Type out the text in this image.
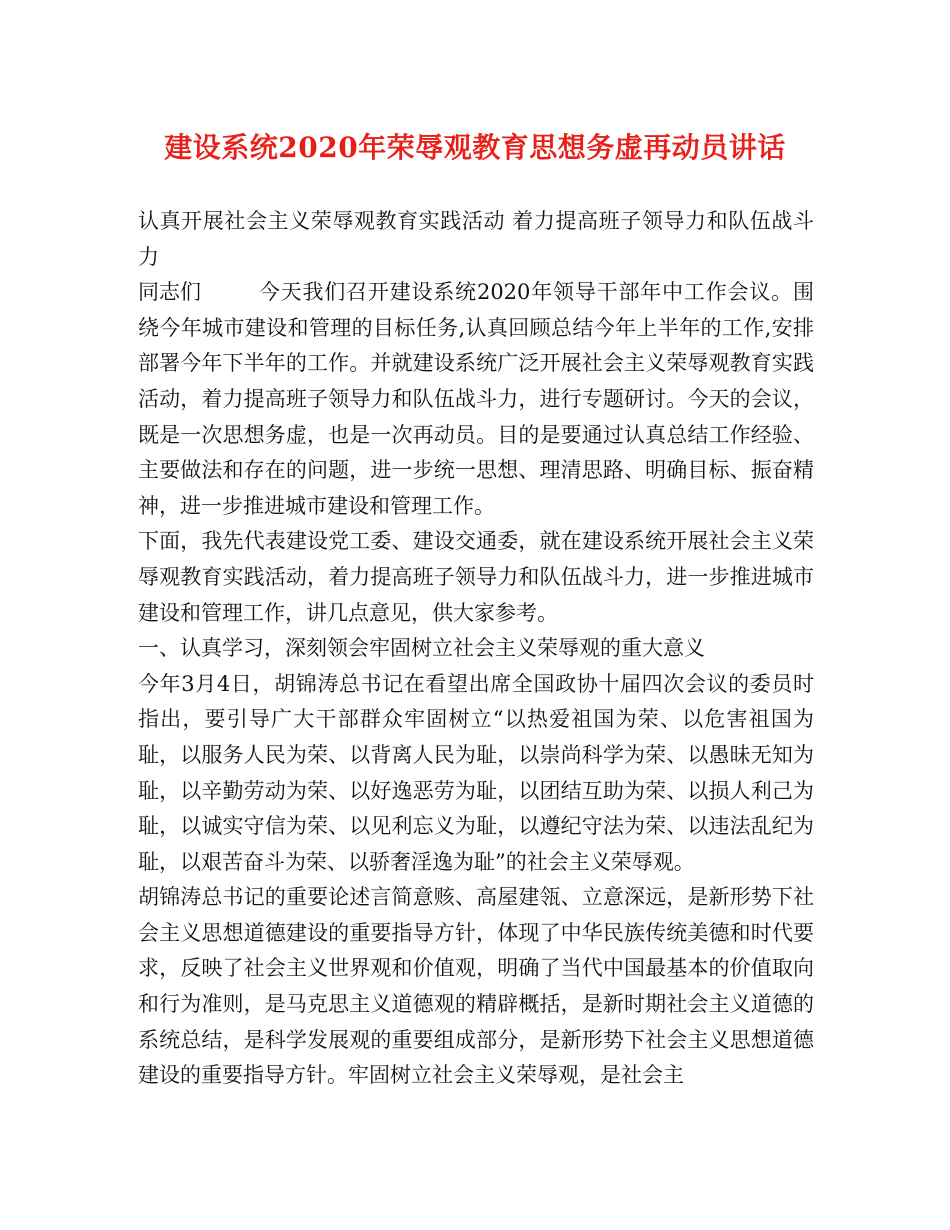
建设系统2020年荣辱观教育思想务虚再动员讲话

认真开展社会主义荣辱观教育实践活动 着力提高班子领导力和队伍战斗力

同志们	今天我们召开建设系统2020年领导干部年中工作会议。围绕今年城市建设和管理的目标任务,认真回顾总结今年上半年的工作,安排部署今年下半年的工作。并就建设系统广泛开展社会主义荣辱观教育实践活动，着力提高班子领导力和队伍战斗力，进行专题研讨。今天的会议，既是一次思想务虚，也是一次再动员。目的是要通过认真总结工作经验、主要做法和存在的问题，进一步统一思想、理清思路、明确目标、振奋精神，进一步推进城市建设和管理工作。

下面，我先代表建设党工委、建设交通委，就在建设系统开展社会主义荣辱观教育实践活动，着力提高班子领导力和队伍战斗力，进一步推进城市建设和管理工作，讲几点意见，供大家参考。

一、认真学习，深刻领会牢固树立社会主义荣辱观的重大意义

今年3月4日，胡锦涛总书记在看望出席全国政协十届四次会议的委员时指出，要引导广大干部群众牢固树立“以热爱祖国为荣、以危害祖国为耻，以服务人民为荣、以背离人民为耻，以崇尚科学为荣、以愚昧无知为耻，以辛勤劳动为荣、以好逸恶劳为耻，以团结互助为荣、以损人利己为耻，以诚实守信为荣、以见利忘义为耻，以遵纪守法为荣、以违法乱纪为耻，以艰苦奋斗为荣、以骄奢淫逸为耻”的社会主义荣辱观。

胡锦涛总书记的重要论述言简意赅、高屋建瓴、立意深远，是新形势下社会主义思想道德建设的重要指导方针，体现了中华民族传统美德和时代要求，反映了社会主义世界观和价值观，明确了当代中国最基本的价值取向和行为准则，是马克思主义道德观的精辟概括，是新时期社会主义道德的系统总结，是科学发展观的重要组成部分，是新形势下社会主义思想道德建设的重要指导方针。牢固树立社会主义荣辱观，是社会主
